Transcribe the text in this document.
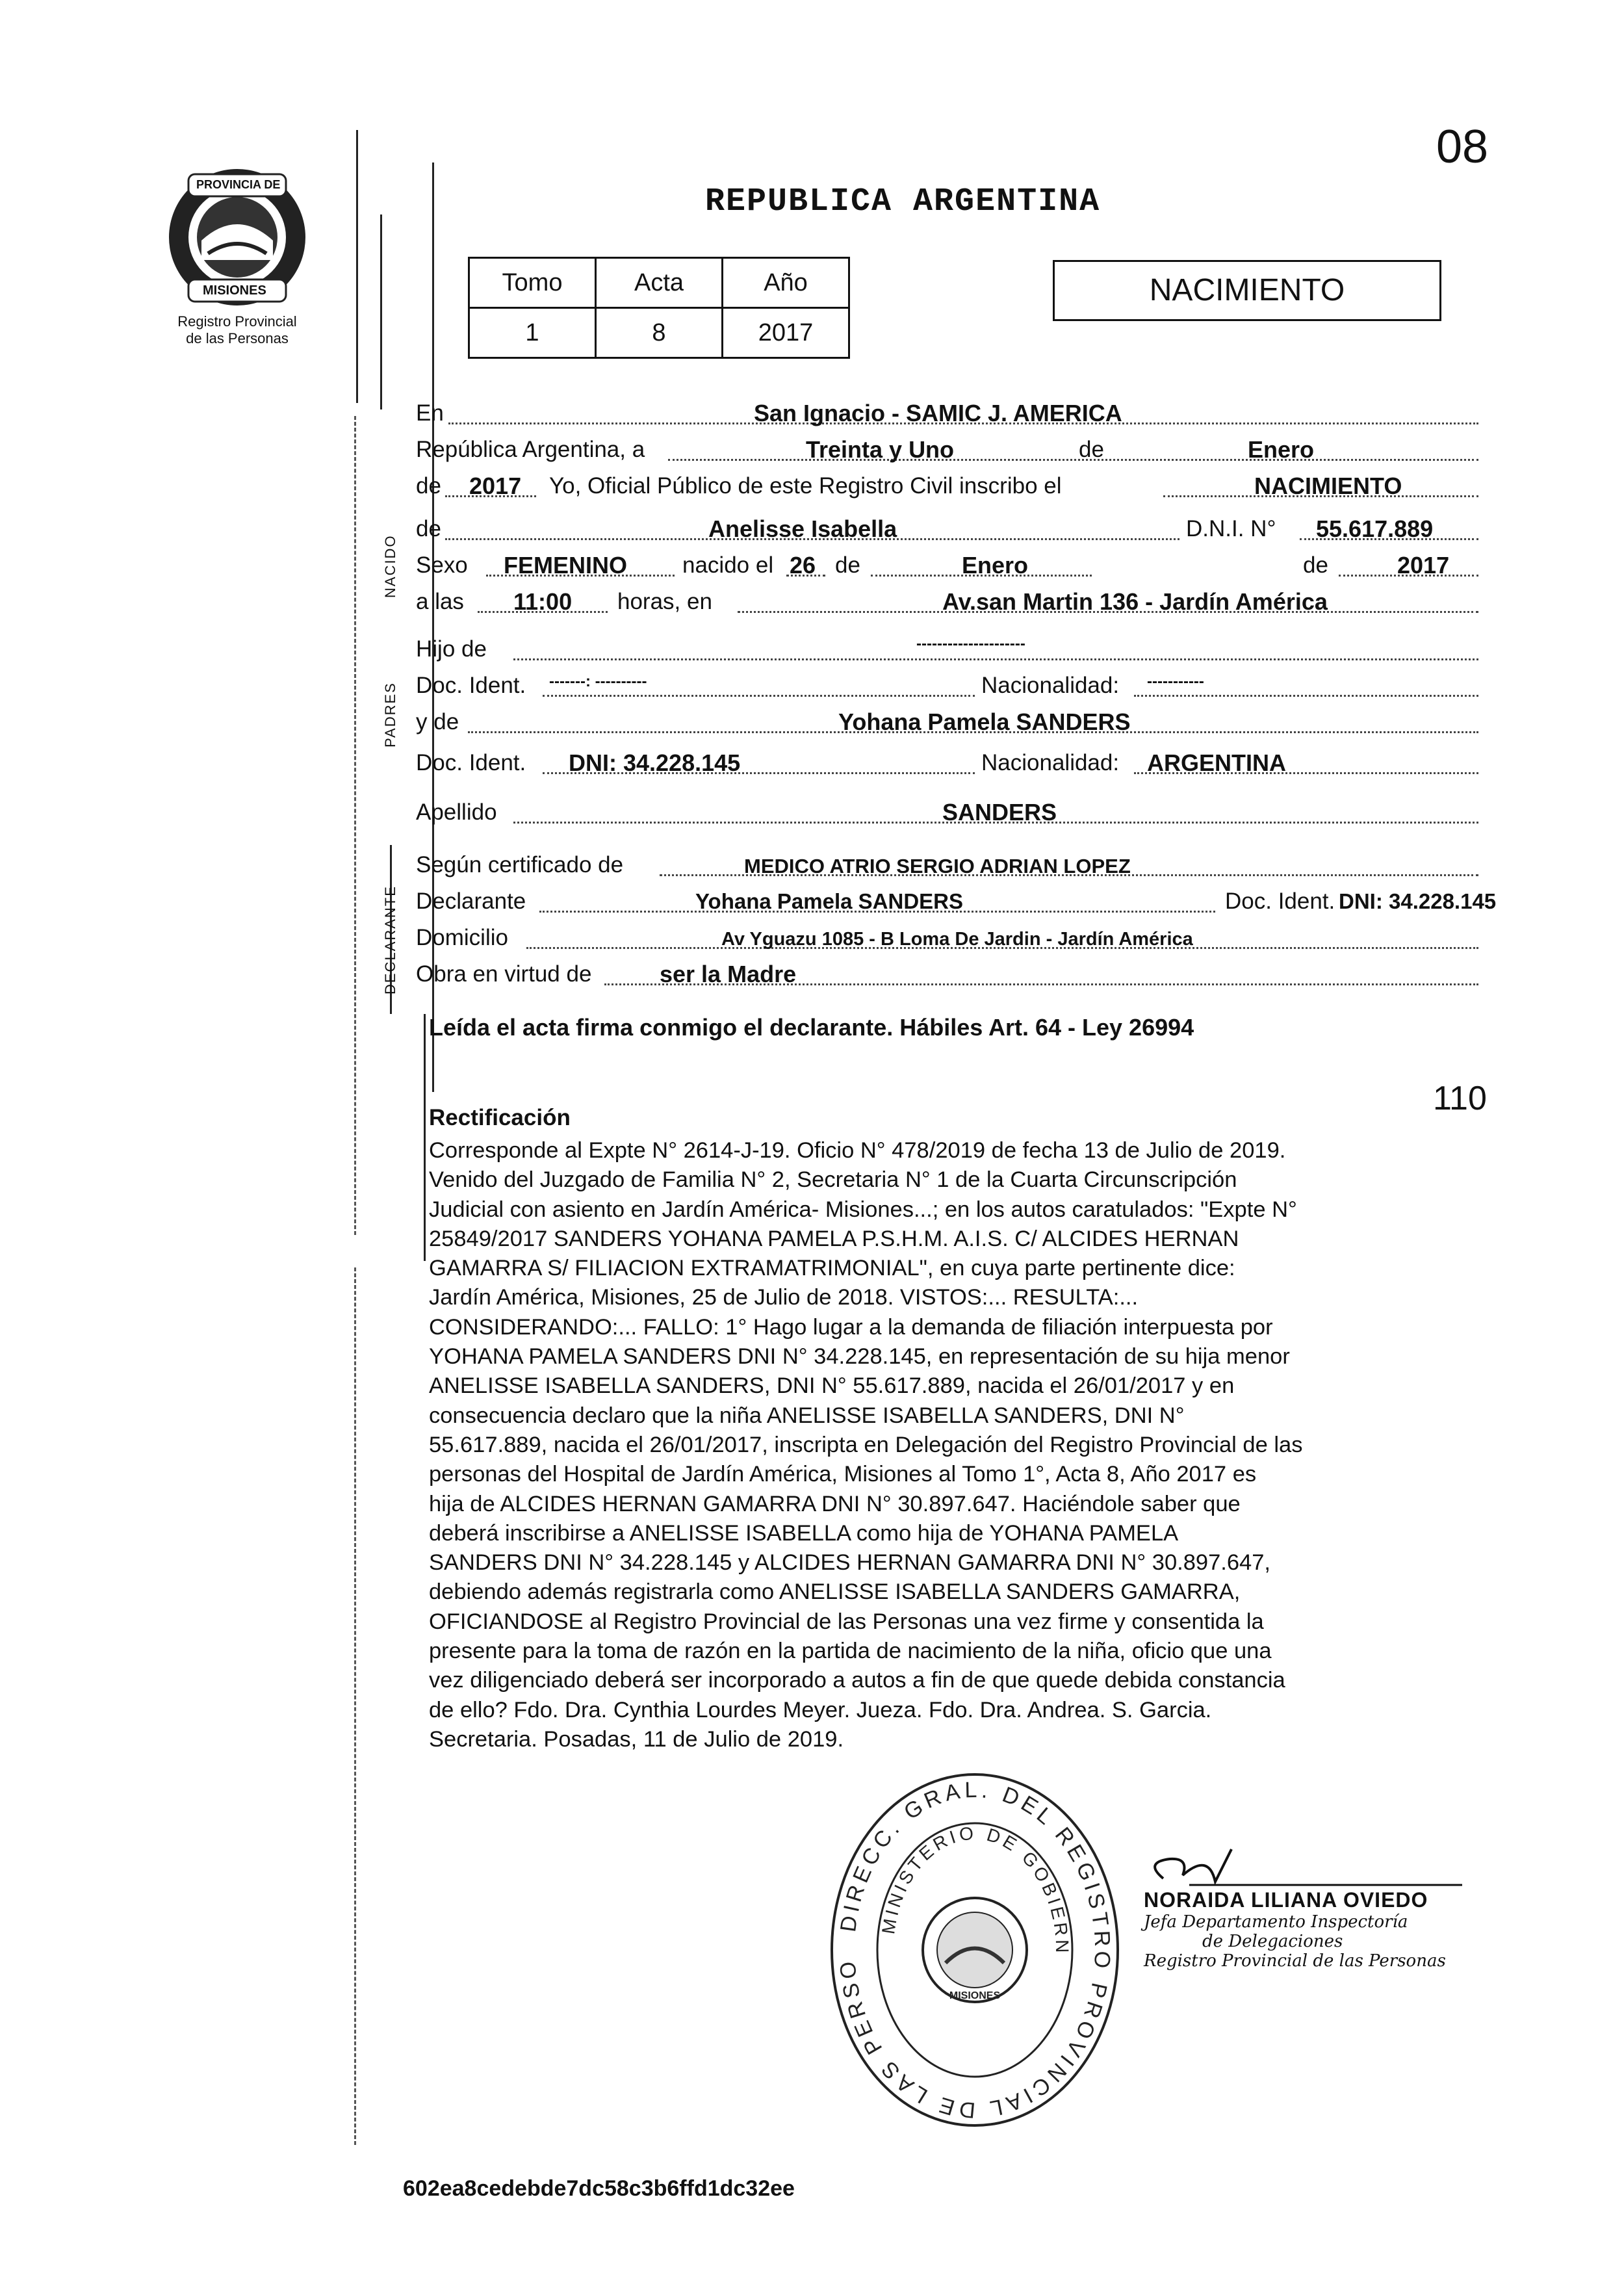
08
PROVINCIA DE
MISIONES
Registro Provincial
de las Personas
REPUBLICA ARGENTINA
Tomo	Acta	Año
1	8	2017
NACIMIENTO
NACIDO
PADRES
DECLARANTE
En	San Ignacio - SAMIC J. AMERICA
República Argentina, a	Treinta y Uno	de	Enero
de 2017 Yo, Oficial Público de este Registro Civil inscribo el	NACIMIENTO
de	Anelisse Isabella	D.N.I. N° 55.617.889
Sexo FEMENINO nacido el 26 de	Enero	de	2017
a las 11:00 horas, en	Av.san Martin 136 - Jardín América
Hijo de	---------------------
Doc. Ident. -------: ----------	Nacionalidad: -----------
y de	Yohana Pamela SANDERS
Doc. Ident. DNI: 34.228.145	Nacionalidad: ARGENTINA
Apellido	SANDERS
Según certificado de	MEDICO ATRIO SERGIO ADRIAN LOPEZ
Declarante	Yohana Pamela SANDERS	Doc. Ident. DNI: 34.228.145
Domicilio	Av Yguazu 1085 - B Loma De Jardin - Jardín América
Obra en virtud de	ser la Madre
Leída el acta firma conmigo el declarante. Hábiles Art. 64 - Ley 26994
110
Rectificación
Corresponde al Expte N° 2614-J-19. Oficio N° 478/2019 de fecha 13 de Julio de 2019.
Venido del Juzgado de Familia N° 2, Secretaria N° 1 de la Cuarta Circunscripción
Judicial con asiento en Jardín América- Misiones...; en los autos caratulados: "Expte N°
25849/2017 SANDERS YOHANA PAMELA P.S.H.M. A.I.S. C/ ALCIDES HERNAN
GAMARRA S/ FILIACION EXTRAMATRIMONIAL", en cuya parte pertinente dice:
Jardín América, Misiones, 25 de Julio de 2018. VISTOS:... RESULTA:...
CONSIDERANDO:... FALLO: 1° Hago lugar a la demanda de filiación interpuesta por
YOHANA PAMELA SANDERS DNI N° 34.228.145, en representación de su hija menor
ANELISSE ISABELLA SANDERS, DNI N° 55.617.889, nacida el 26/01/2017 y en
consecuencia declaro que la niña ANELISSE ISABELLA SANDERS, DNI N°
55.617.889, nacida el 26/01/2017, inscripta en Delegación del Registro Provincial de las
personas del Hospital de Jardín América, Misiones al Tomo 1°, Acta 8, Año 2017 es
hija de ALCIDES HERNAN GAMARRA DNI N° 30.897.647. Haciéndole saber que
deberá inscribirse a ANELISSE ISABELLA como hija de YOHANA PAMELA
SANDERS DNI N° 34.228.145 y ALCIDES HERNAN GAMARRA DNI N° 30.897.647,
debiendo además registrarla como ANELISSE ISABELLA SANDERS GAMARRA,
OFICIANDOSE al Registro Provincial de las Personas una vez firme y consentida la
presente para la toma de razón en la partida de nacimiento de la niña, oficio que una
vez diligenciado deberá ser incorporado a autos a fin de que quede debida constancia
de ello? Fdo. Dra. Cynthia Lourdes Meyer. Jueza. Fdo. Dra. Andrea. S. Garcia.
Secretaria. Posadas, 11 de Julio de 2019.
DIRECC. GRAL. DEL REGISTRO PROVINCIAL DE LAS PERSO
MINISTERIO DE GOBIERN
MISIONES
NORAIDA LILIANA OVIEDO
Jefa Departamento Inspectoría
de Delegaciones
Registro Provincial de las Personas
602ea8cedebde7dc58c3b6ffd1dc32ee
